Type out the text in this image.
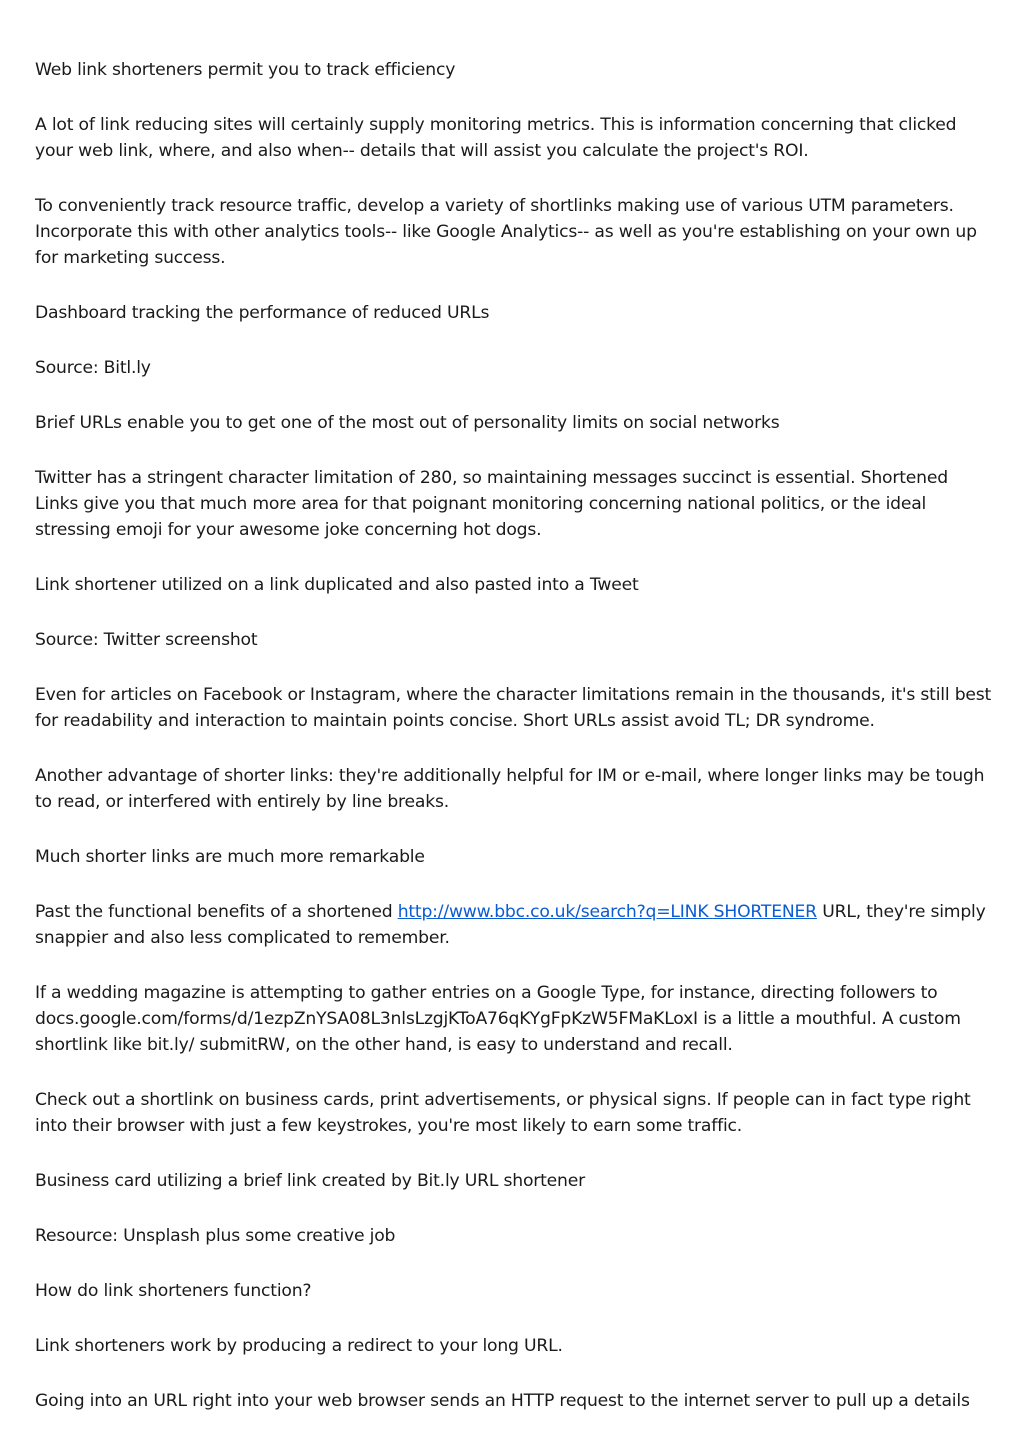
Web link shorteners permit you to track efficiency

A lot of link reducing sites will certainly supply monitoring metrics. This is information concerning that clicked your web link, where, and also when-- details that will assist you calculate the project's ROI.

To conveniently track resource traffic, develop a variety of shortlinks making use of various UTM parameters. Incorporate this with other analytics tools-- like Google Analytics-- as well as you're establishing on your own up for marketing success.

Dashboard tracking the performance of reduced URLs

Source: Bitl.ly

Brief URLs enable you to get one of the most out of personality limits on social networks

Twitter has a stringent character limitation of 280, so maintaining messages succinct is essential. Shortened Links give you that much more area for that poignant monitoring concerning national politics, or the ideal stressing emoji for your awesome joke concerning hot dogs.

Link shortener utilized on a link duplicated and also pasted into a Tweet

Source: Twitter screenshot

Even for articles on Facebook or Instagram, where the character limitations remain in the thousands, it's still best for readability and interaction to maintain points concise. Short URLs assist avoid TL; DR syndrome.

Another advantage of shorter links: they're additionally helpful for IM or e-mail, where longer links may be tough to read, or interfered with entirely by line breaks.

Much shorter links are much more remarkable

Past the functional benefits of a shortened http://www.bbc.co.uk/search?q=LINK SHORTENER URL, they're simply snappier and also less complicated to remember.

If a wedding magazine is attempting to gather entries on a Google Type, for instance, directing followers to docs.google.com/forms/d/1ezpZnYSA08L3nlsLzgjKToA76qKYgFpKzW5FMaKLoxI is a little a mouthful. A custom shortlink like bit.ly/ submitRW, on the other hand, is easy to understand and recall.

Check out a shortlink on business cards, print advertisements, or physical signs. If people can in fact type right into their browser with just a few keystrokes, you're most likely to earn some traffic.

Business card utilizing a brief link created by Bit.ly URL shortener

Resource: Unsplash plus some creative job

How do link shorteners function?

Link shorteners work by producing a redirect to your long URL.

Going into an URL right into your web browser sends an HTTP request to the internet server to pull up a details
